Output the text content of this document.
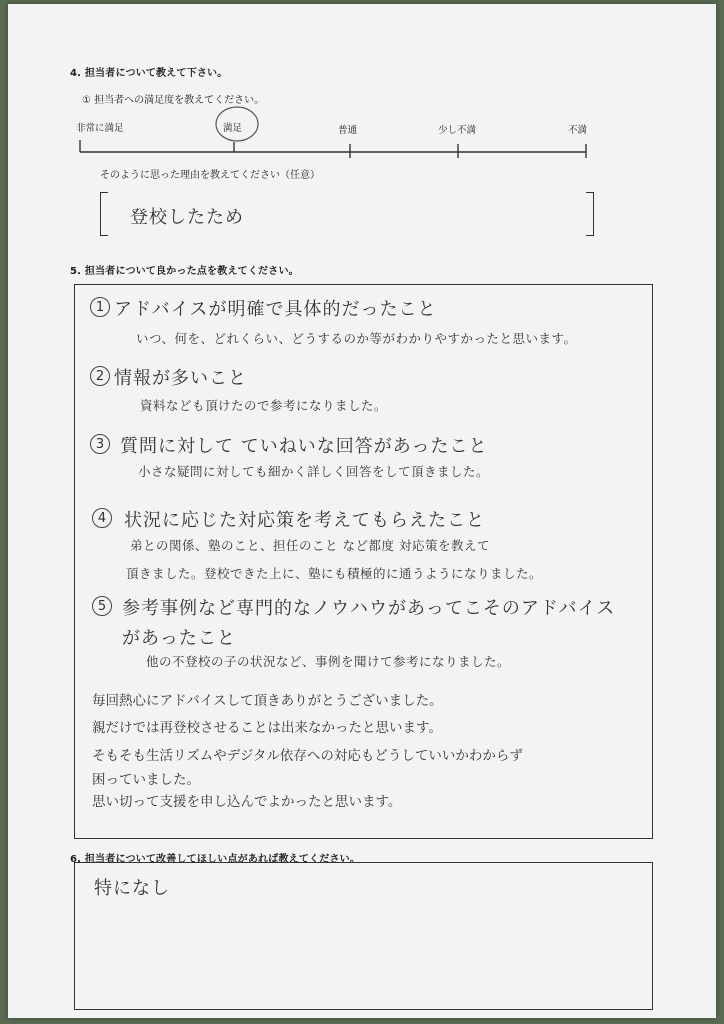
4. 担当者について教えて下さい。
① 担当者への満足度を教えてください。
非常に満足	満足	普通	少し不満	不満
そのように思った理由を教えてください（任意）
登校したため
5. 担当者について良かった点を教えてください。
1 アドバイスが明確で具体的だったこと
いつ、何を、どれくらい、どうするのか等がわかりやすかったと思います。
2 情報が多いこと
資料なども頂けたので参考になりました。
3 質問に対して ていねいな回答があったこと
小さな疑問に対しても細かく詳しく回答をして頂きました。
4 状況に応じた対応策を考えてもらえたこと
弟との関係、塾のこと、担任のこと など都度 対応策を教えて
頂きました。登校できた上に、塾にも積極的に通うようになりました。
5 参考事例など専門的なノウハウがあってこそのアドバイス
があったこと
他の不登校の子の状況など、事例を聞けて参考になりました。
毎回熱心にアドバイスして頂きありがとうございました。
親だけでは再登校させることは出来なかったと思います。
そもそも生活リズムやデジタル依存への対応もどうしていいかわからず
困っていました。
思い切って支援を申し込んでよかったと思います。
6. 担当者について改善してほしい点があれば教えてください。
特になし
